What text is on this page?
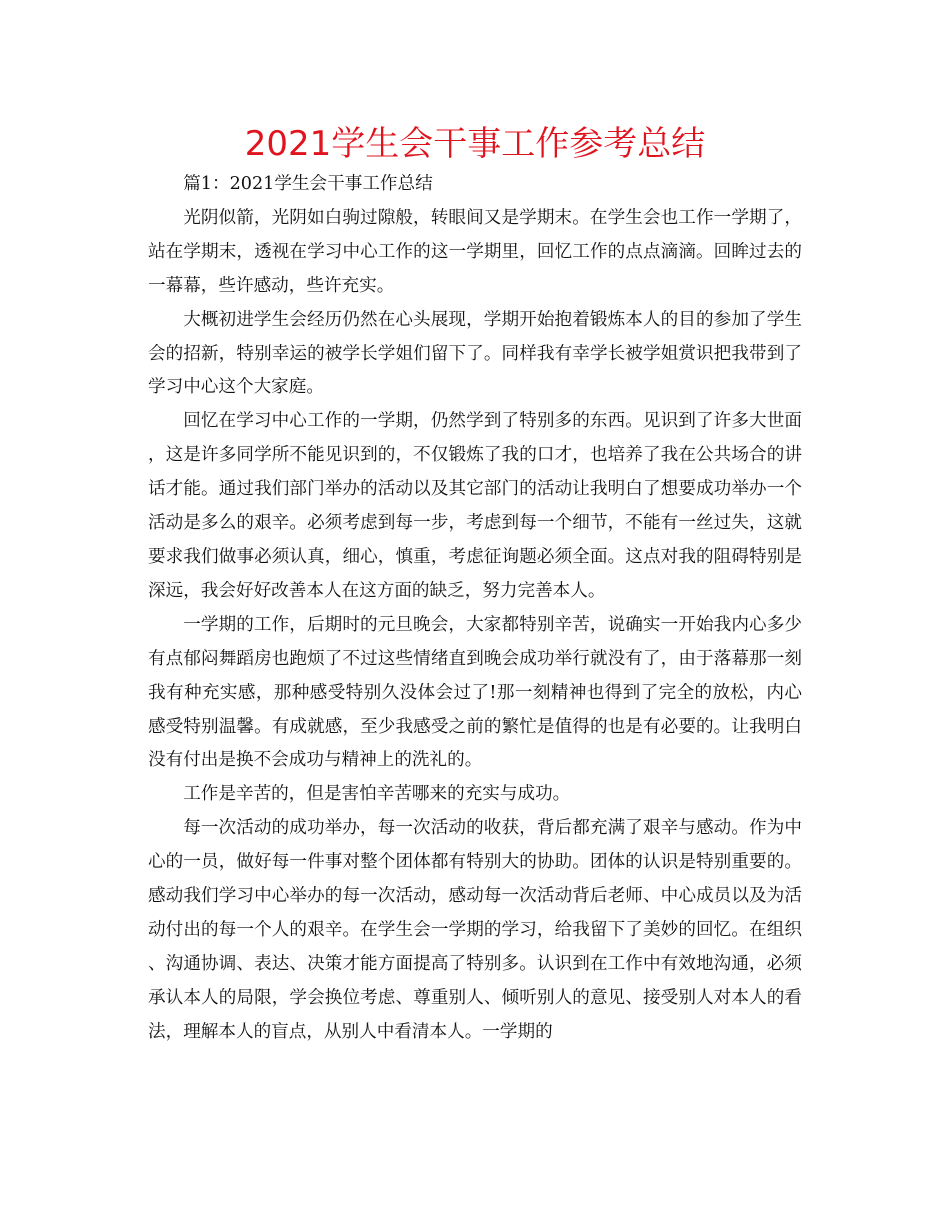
2021学生会干事工作参考总结

篇1：2021学生会干事工作总结

光阴似箭，光阴如白驹过隙般，转眼间又是学期末。在学生会也工作一学期了，站在学期末，透视在学习中心工作的这一学期里，回忆工作的点点滴滴。回眸过去的一幕幕，些许感动，些许充实。

大概初进学生会经历仍然在心头展现，学期开始抱着锻炼本人的目的参加了学生会的招新，特别幸运的被学长学姐们留下了。同样我有幸学长被学姐赏识把我带到了学习中心这个大家庭。

回忆在学习中心工作的一学期，仍然学到了特别多的东西。见识到了许多大世面，这是许多同学所不能见识到的，不仅锻炼了我的口才，也培养了我在公共场合的讲话才能。通过我们部门举办的活动以及其它部门的活动让我明白了想要成功举办一个活动是多么的艰辛。必须考虑到每一步，考虑到每一个细节，不能有一丝过失，这就要求我们做事必须认真，细心，慎重，考虑征询题必须全面。这点对我的阻碍特别是深远，我会好好改善本人在这方面的缺乏，努力完善本人。

一学期的工作，后期时的元旦晚会，大家都特别辛苦，说确实一开始我内心多少有点郁闷舞蹈房也跑烦了不过这些情绪直到晚会成功举行就没有了，由于落幕那一刻我有种充实感，那种感受特别久没体会过了!那一刻精神也得到了完全的放松，内心感受特别温馨。有成就感，至少我感受之前的繁忙是值得的也是有必要的。让我明白没有付出是换不会成功与精神上的洗礼的。

工作是辛苦的，但是害怕辛苦哪来的充实与成功。

每一次活动的成功举办，每一次活动的收获，背后都充满了艰辛与感动。作为中心的一员，做好每一件事对整个团体都有特别大的协助。团体的认识是特别重要的。感动我们学习中心举办的每一次活动，感动每一次活动背后老师、中心成员以及为活动付出的每一个人的艰辛。在学生会一学期的学习，给我留下了美妙的回忆。在组织、沟通协调、表达、决策才能方面提高了特别多。认识到在工作中有效地沟通，必须承认本人的局限，学会换位考虑、尊重别人、倾听别人的意见、接受别人对本人的看法，理解本人的盲点，从别人中看清本人。一学期的
